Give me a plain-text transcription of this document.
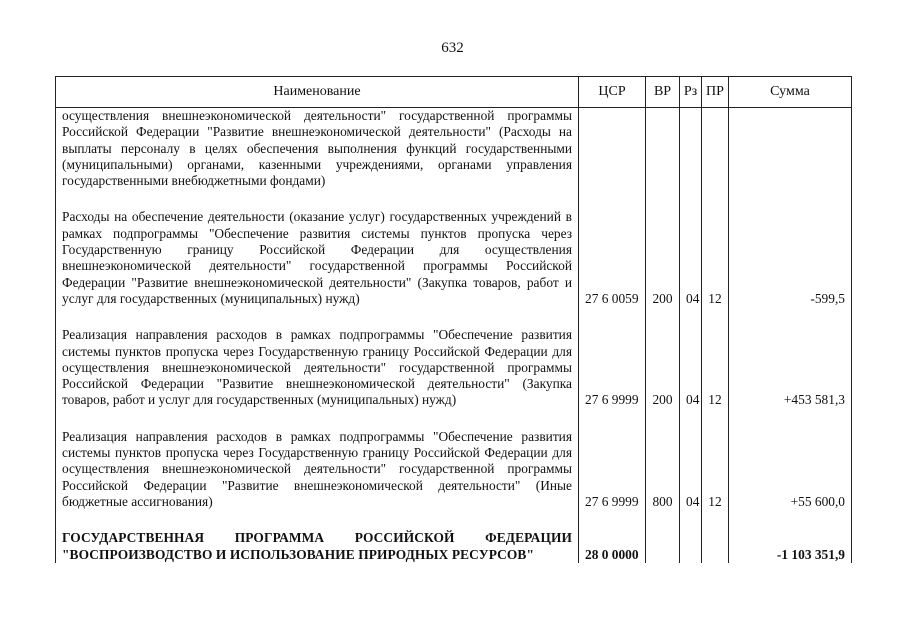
632
Наименование	ЦСР	ВР	Рз	ПР	Сумма
осуществления внешнеэкономической деятельности" государственной программы Российской Федерации "Развитие внешнеэкономической деятельности" (Расходы на выплаты персоналу в целях обеспечения выполнения функций государственными (муниципальными) органами, казенными учреждениями, органами управления государственными внебюджетными фондами)					

Расходы на обеспечение деятельности (оказание услуг) государственных учреждений в рамках подпрограммы "Обеспечение развития системы пунктов пропуска через Государственную границу Российской Федерации для осуществления внешнеэкономической деятельности" государственной программы Российской Федерации "Развитие внешнеэкономической деятельности" (Закупка товаров, работ и услуг для государственных (муниципальных) нужд)	27 6 0059	200	04	12	-599,5

Реализация направления расходов в рамках подпрограммы "Обеспечение развития системы пунктов пропуска через Государственную границу Российской Федерации для осуществления внешнеэкономической деятельности" государственной программы Российской Федерации "Развитие внешнеэкономической деятельности" (Закупка товаров, работ и услуг для государственных (муниципальных) нужд)	27 6 9999	200	04	12	+453 581,3

Реализация направления расходов в рамках подпрограммы "Обеспечение развития системы пунктов пропуска через Государственную границу Российской Федерации для осуществления внешнеэкономической деятельности" государственной программы Российской Федерации "Развитие внешнеэкономической деятельности" (Иные бюджетные ассигнования)	27 6 9999	800	04	12	+55 600,0

ГОСУДАРСТВЕННАЯ ПРОГРАММА РОССИЙСКОЙ ФЕДЕРАЦИИ "ВОСПРОИЗВОДСТВО И ИСПОЛЬЗОВАНИЕ ПРИРОДНЫХ РЕСУРСОВ"	28 0 0000				-1 103 351,9
